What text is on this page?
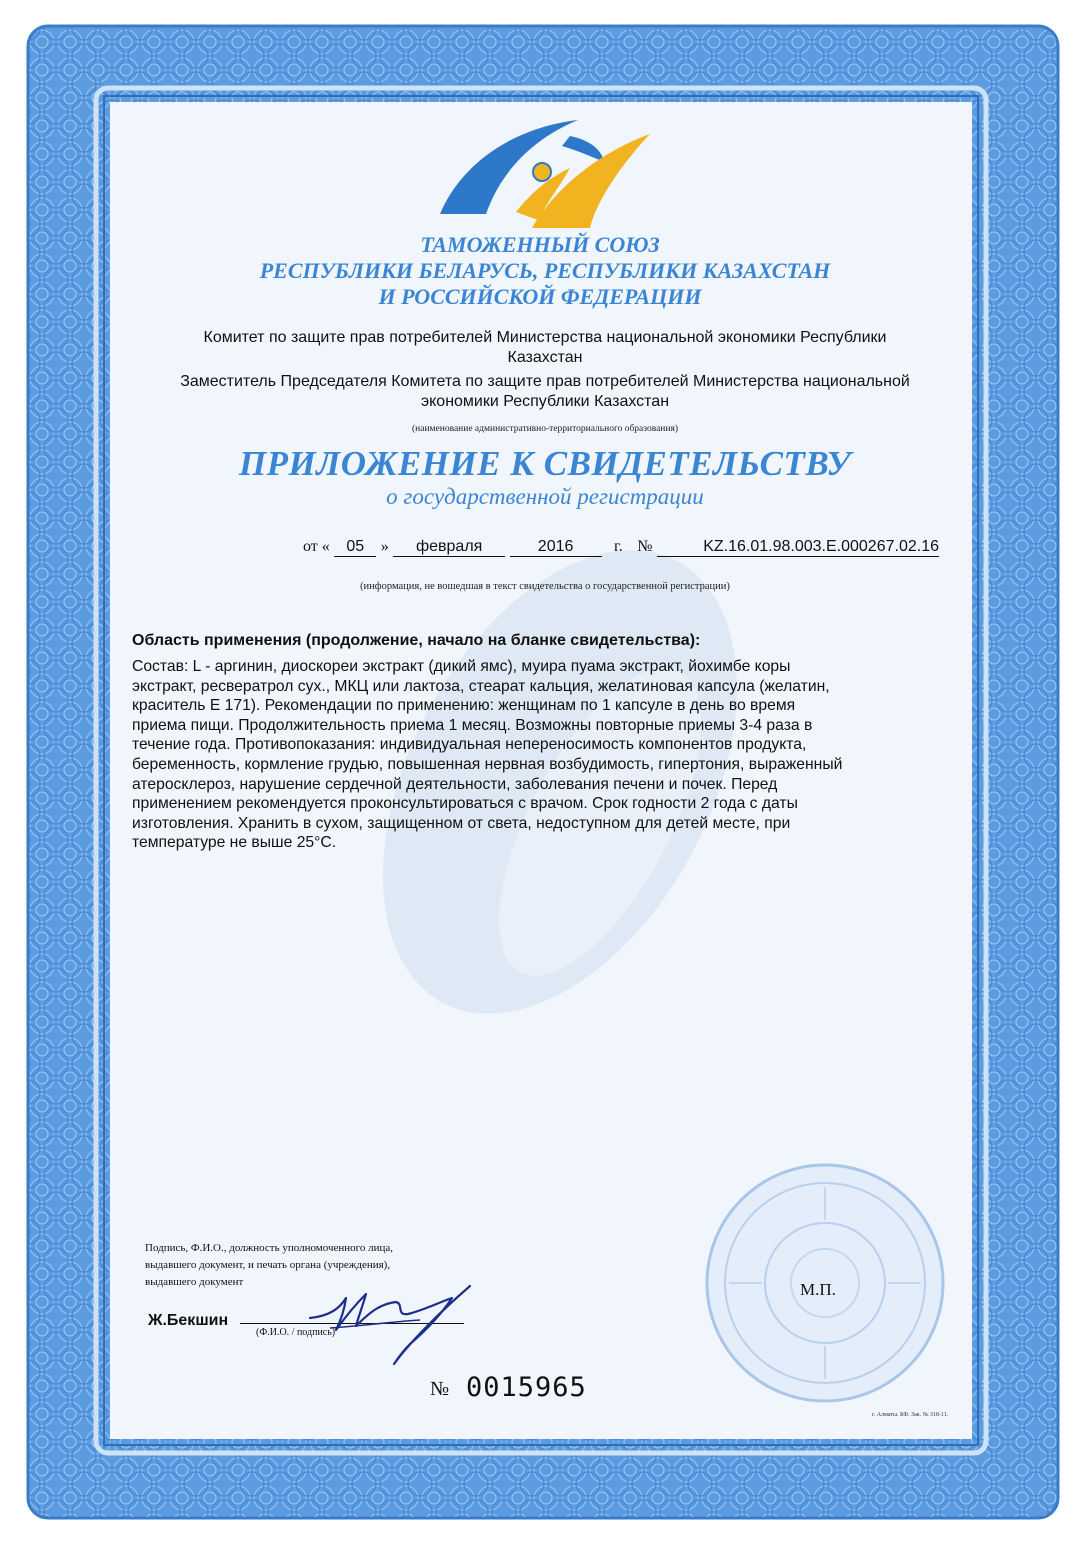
ТАМОЖЕННЫЙ СОЮЗ
РЕСПУБЛИКИ БЕЛАРУСЬ, РЕСПУБЛИКИ КАЗАХСТАН
И РОССИЙСКОЙ ФЕДЕРАЦИИ
Комитет по защите прав потребителей Министерства национальной экономики Республики
Казахстан
Заместитель Председателя Комитета по защите прав потребителей Министерства национальной
экономики Республики Казахстан
(наименование административно-территориального образования)
ПРИЛОЖЕНИЕ К СВИДЕТЕЛЬСТВУ
о государственной регистрации
от « 05 » февраля	2016	г. №	KZ.16.01.98.003.E.000267.02.16
(информация, не вошедшая в текст свидетельства о государственной регистрации)
Область применения (продолжение, начало на бланке свидетельства):

Состав: L - аргинин, диоскореи экстракт (дикий ямс), муира пуама экстракт, йохимбе коры

экстракт, ресвератрол сух., МКЦ или лактоза, стеарат кальция, желатиновая капсула (желатин,

краситель Е 171). Рекомендации по применению: женщинам по 1 капсуле в день во время

приема пищи. Продолжительность приема 1 месяц. Возможны повторные приемы 3-4 раза в

течение года. Противопоказания: индивидуальная непереносимость компонентов продукта,

беременность, кормление грудью, повышенная нервная возбудимость, гипертония, выраженный

атеросклероз, нарушение сердечной деятельности, заболевания печени и почек. Перед

применением рекомендуется проконсультироваться с врачом. Срок годности 2 года с даты

изготовления. Хранить в сухом, защищенном от света, недоступном для детей месте, при

температуре не выше 25°С.

М.П.
Подпись, Ф.И.О., должность уполномоченного лица,
выдавшего документ, и печать органа (учреждения),
выдавшего документ
Ж.Бекшин
(Ф.И.О. / подпись)
№ 0015965
г. Алматы. БФ. Зак. № 318-11.
